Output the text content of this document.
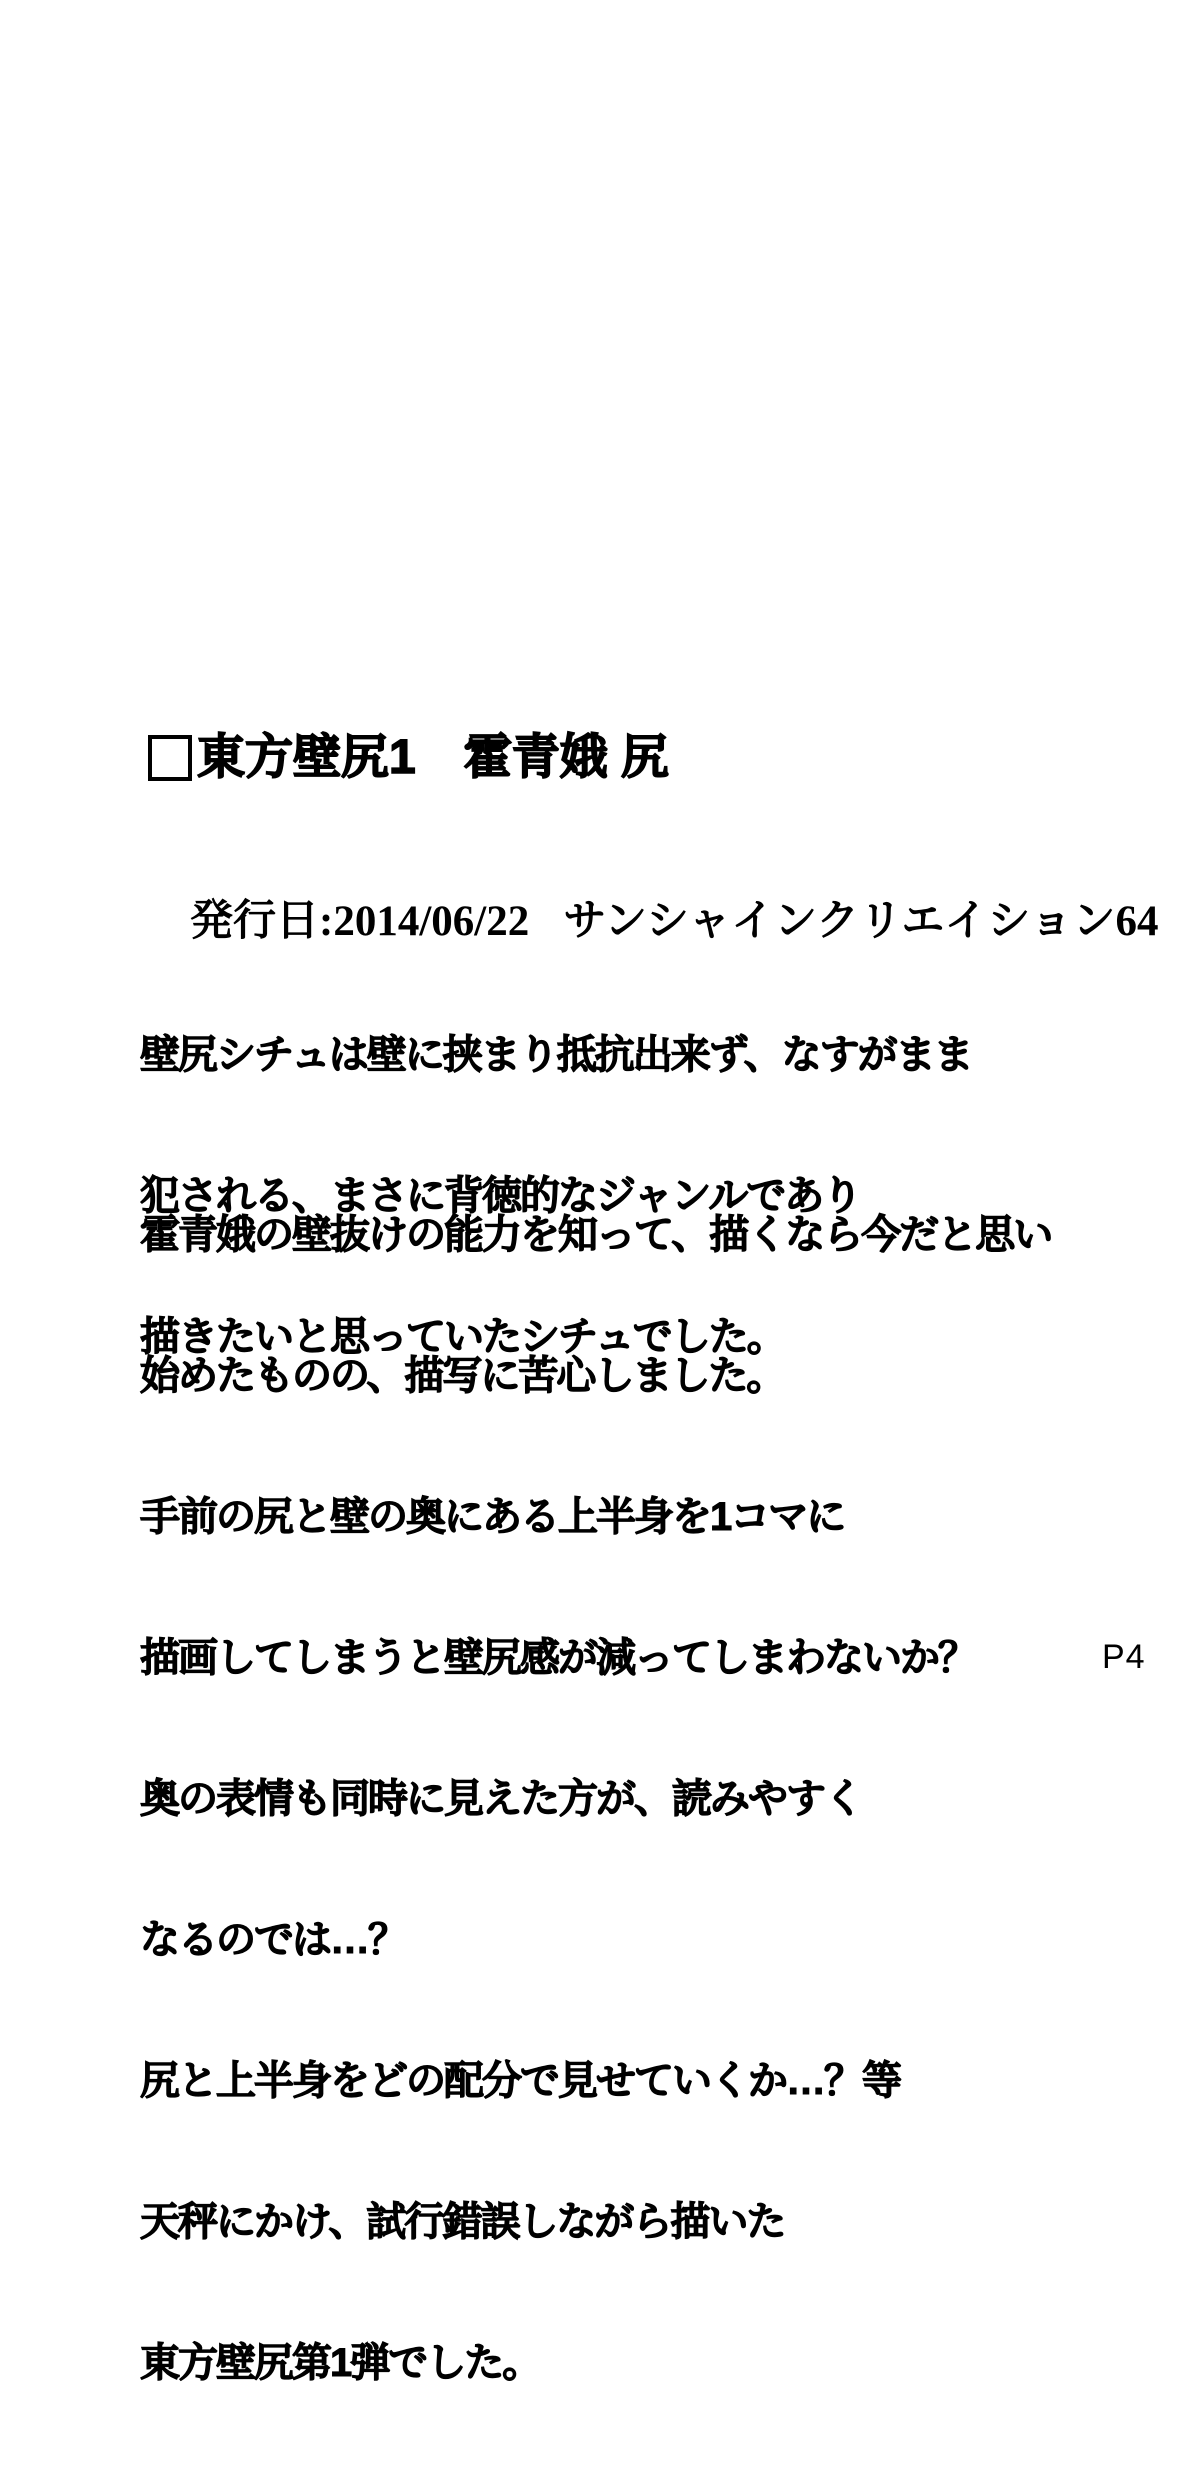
東方壁尻1　霍青娥 尻

発行日:2014/06/22 サンシャインクリエイション64

壁尻シチュは壁に挟まり抵抗出来ず、なすがまま

犯される、まさに背徳的なジャンルであり

描きたいと思っていたシチュでした。

霍青娥の壁抜けの能力を知って、描くなら今だと思い

始めたものの、描写に苦心しました。

手前の尻と壁の奥にある上半身を1コマに

描画してしまうと壁尻感が減ってしまわないか？

奥の表情も同時に見えた方が、読みやすく

なるのでは…？

尻と上半身をどの配分で見せていくか…？等

天秤にかけ、試行錯誤しながら描いた

東方壁尻第1弾でした。

P4
